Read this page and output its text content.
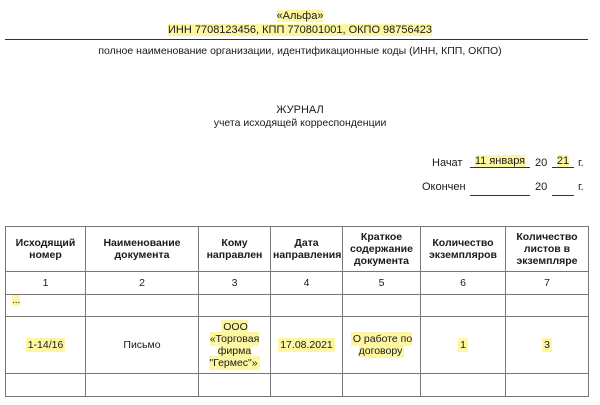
«Альфа»
ИНН 7708123456, КПП 770801001, ОКПО 98756423
полное наименование организации, идентификационные коды (ИНН, КПП, ОКПО)
ЖУРНАЛ
учета исходящей корреспонденции
Начат	11 января 20 21 г.
Окончен	20	г.
Исходящий номер	Наименование документа	Кому направлен	Дата направления	Краткое содержание документа	Количество экземпляров	Количество листов в экземпляре
1	2	3	4	5	6	7

...						

1-14/16	Письмо	ООО «Торговая фирма "Гермес"»	17.08.2021	О работе по договору	1	3
